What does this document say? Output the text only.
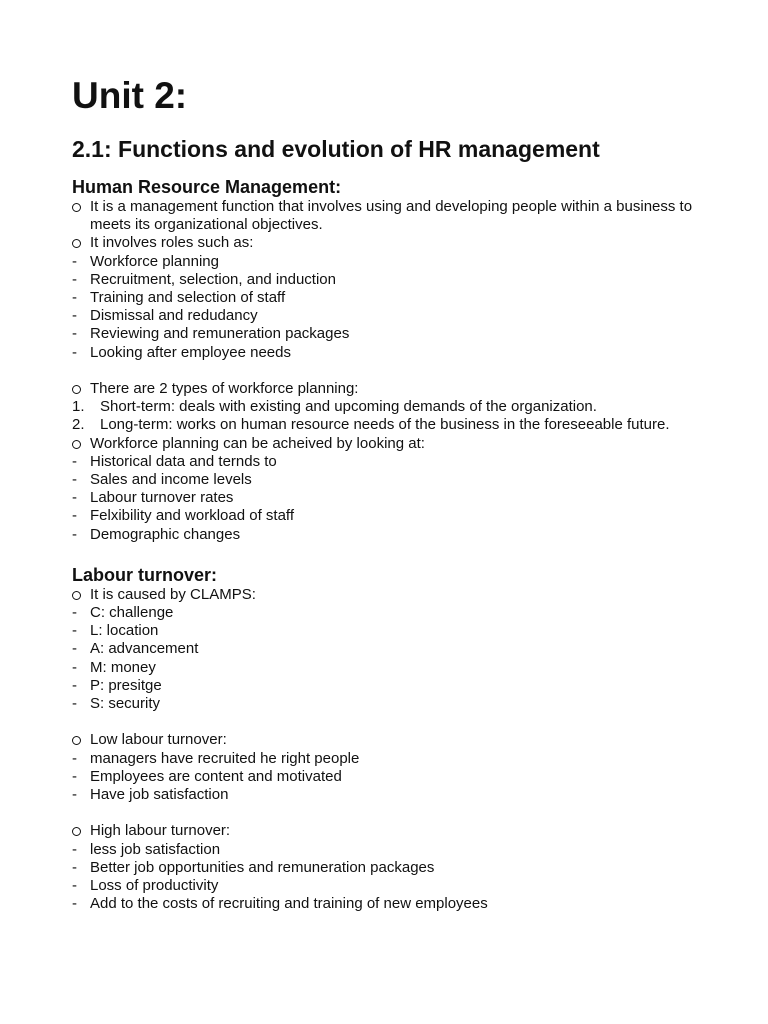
Unit 2:
2.1: Functions and evolution of HR management
Human Resource Management:
It is a management function that involves using and developing people within a business to meets its organizational objectives.
It involves roles such as:
- Workforce planning
- Recruitment, selection, and induction
- Training and selection of staff
- Dismissal and redudancy
- Reviewing and remuneration packages
- Looking after employee needs
There are 2 types of workforce planning:
1. Short-term: deals with existing and upcoming demands of the organization.
2. Long-term: works on human resource needs of the business in the foreseeable future.
Workforce planning can be acheived by looking at:
- Historical data and ternds to
- Sales and income levels
- Labour turnover rates
- Felxibility and workload of staff
- Demographic changes
Labour turnover:
It is caused by CLAMPS:
- C: challenge
- L: location
- A: advancement
- M: money
- P: presitge
- S: security
Low labour turnover:
- managers have recruited he right people
- Employees are content and motivated
- Have job satisfaction
High labour turnover:
- less job satisfaction
- Better job opportunities and remuneration packages
- Loss of productivity
- Add to the costs of recruiting and training of new employees
